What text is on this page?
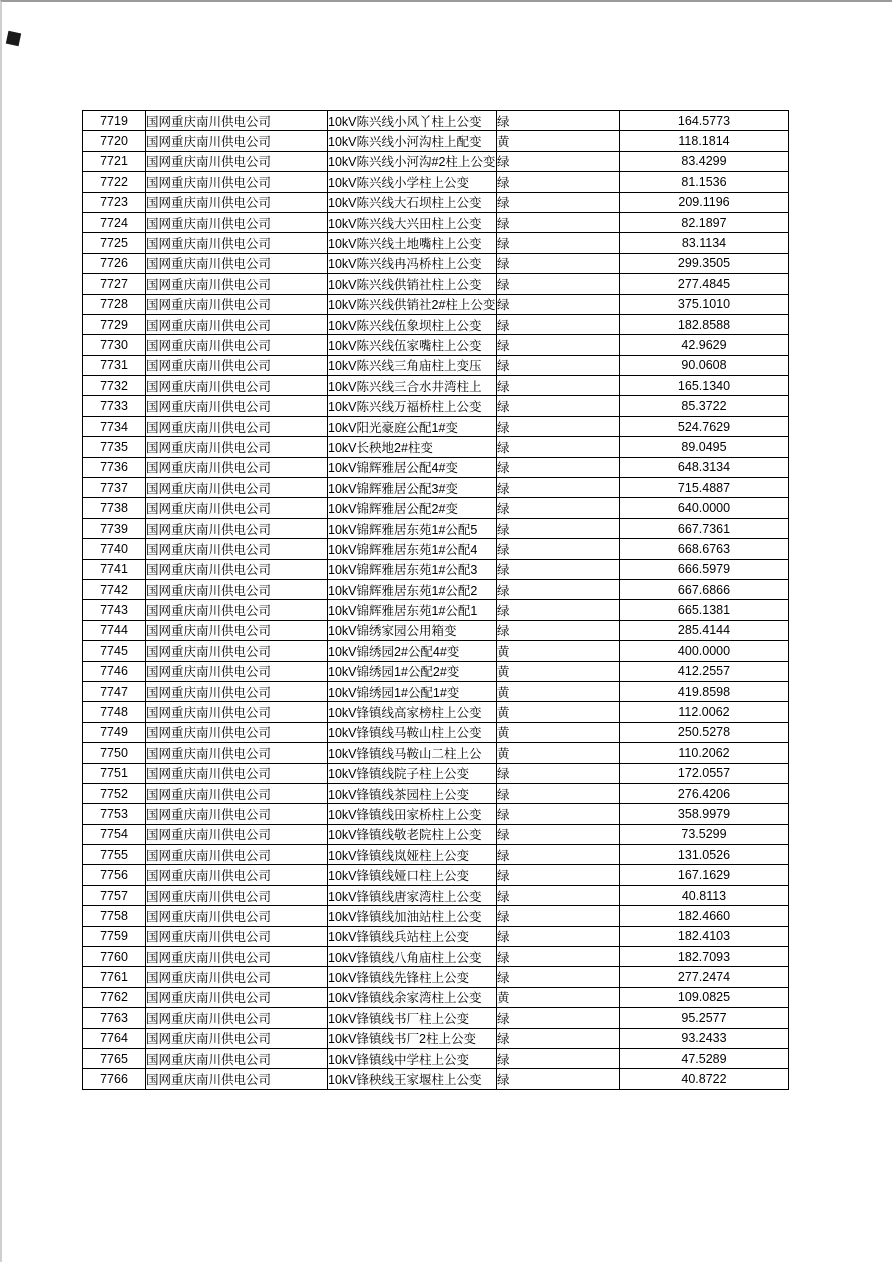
7719	国网重庆南川供电公司	10kV陈兴线小风丫柱上公变	绿	164.5773
7720	国网重庆南川供电公司	10kV陈兴线小河沟柱上配变	黄	118.1814
7721	国网重庆南川供电公司	10kV陈兴线小河沟#2柱上公变	绿	83.4299
7722	国网重庆南川供电公司	10kV陈兴线小学柱上公变	绿	81.1536
7723	国网重庆南川供电公司	10kV陈兴线大石坝柱上公变	绿	209.1196
7724	国网重庆南川供电公司	10kV陈兴线大兴田柱上公变	绿	82.1897
7725	国网重庆南川供电公司	10kV陈兴线土地嘴柱上公变	绿	83.1134
7726	国网重庆南川供电公司	10kV陈兴线冉冯桥柱上公变	绿	299.3505
7727	国网重庆南川供电公司	10kV陈兴线供销社柱上公变	绿	277.4845
7728	国网重庆南川供电公司	10kV陈兴线供销社2#柱上公变	绿	375.1010
7729	国网重庆南川供电公司	10kV陈兴线伍象坝柱上公变	绿	182.8588
7730	国网重庆南川供电公司	10kV陈兴线伍家嘴柱上公变	绿	42.9629
7731	国网重庆南川供电公司	10kV陈兴线三角庙柱上变压	绿	90.0608
7732	国网重庆南川供电公司	10kV陈兴线三合水井湾柱上	绿	165.1340
7733	国网重庆南川供电公司	10kV陈兴线万福桥柱上公变	绿	85.3722
7734	国网重庆南川供电公司	10kV阳光豪庭公配1#变	绿	524.7629
7735	国网重庆南川供电公司	10kV长秧地2#柱变	绿	89.0495
7736	国网重庆南川供电公司	10kV锦辉雅居公配4#变	绿	648.3134
7737	国网重庆南川供电公司	10kV锦辉雅居公配3#变	绿	715.4887
7738	国网重庆南川供电公司	10kV锦辉雅居公配2#变	绿	640.0000
7739	国网重庆南川供电公司	10kV锦辉雅居东苑1#公配5	绿	667.7361
7740	国网重庆南川供电公司	10kV锦辉雅居东苑1#公配4	绿	668.6763
7741	国网重庆南川供电公司	10kV锦辉雅居东苑1#公配3	绿	666.5979
7742	国网重庆南川供电公司	10kV锦辉雅居东苑1#公配2	绿	667.6866
7743	国网重庆南川供电公司	10kV锦辉雅居东苑1#公配1	绿	665.1381
7744	国网重庆南川供电公司	10kV锦绣家园公用箱变	绿	285.4144
7745	国网重庆南川供电公司	10kV锦绣园2#公配4#变	黄	400.0000
7746	国网重庆南川供电公司	10kV锦绣园1#公配2#变	黄	412.2557
7747	国网重庆南川供电公司	10kV锦绣园1#公配1#变	黄	419.8598
7748	国网重庆南川供电公司	10kV锋镇线高家榜柱上公变	黄	112.0062
7749	国网重庆南川供电公司	10kV锋镇线马鞍山柱上公变	黄	250.5278
7750	国网重庆南川供电公司	10kV锋镇线马鞍山二柱上公	黄	110.2062
7751	国网重庆南川供电公司	10kV锋镇线院子柱上公变	绿	172.0557
7752	国网重庆南川供电公司	10kV锋镇线茶园柱上公变	绿	276.4206
7753	国网重庆南川供电公司	10kV锋镇线田家桥柱上公变	绿	358.9979
7754	国网重庆南川供电公司	10kV锋镇线敬老院柱上公变	绿	73.5299
7755	国网重庆南川供电公司	10kV锋镇线岚娅柱上公变	绿	131.0526
7756	国网重庆南川供电公司	10kV锋镇线娅口柱上公变	绿	167.1629
7757	国网重庆南川供电公司	10kV锋镇线唐家湾柱上公变	绿	40.8113
7758	国网重庆南川供电公司	10kV锋镇线加油站柱上公变	绿	182.4660
7759	国网重庆南川供电公司	10kV锋镇线兵站柱上公变	绿	182.4103
7760	国网重庆南川供电公司	10kV锋镇线八角庙柱上公变	绿	182.7093
7761	国网重庆南川供电公司	10kV锋镇线先锋柱上公变	绿	277.2474
7762	国网重庆南川供电公司	10kV锋镇线余家湾柱上公变	黄	109.0825
7763	国网重庆南川供电公司	10kV锋镇线书厂柱上公变	绿	95.2577
7764	国网重庆南川供电公司	10kV锋镇线书厂2柱上公变	绿	93.2433
7765	国网重庆南川供电公司	10kV锋镇线中学柱上公变	绿	47.5289
7766	国网重庆南川供电公司	10kV锋秧线王家堰柱上公变	绿	40.8722
